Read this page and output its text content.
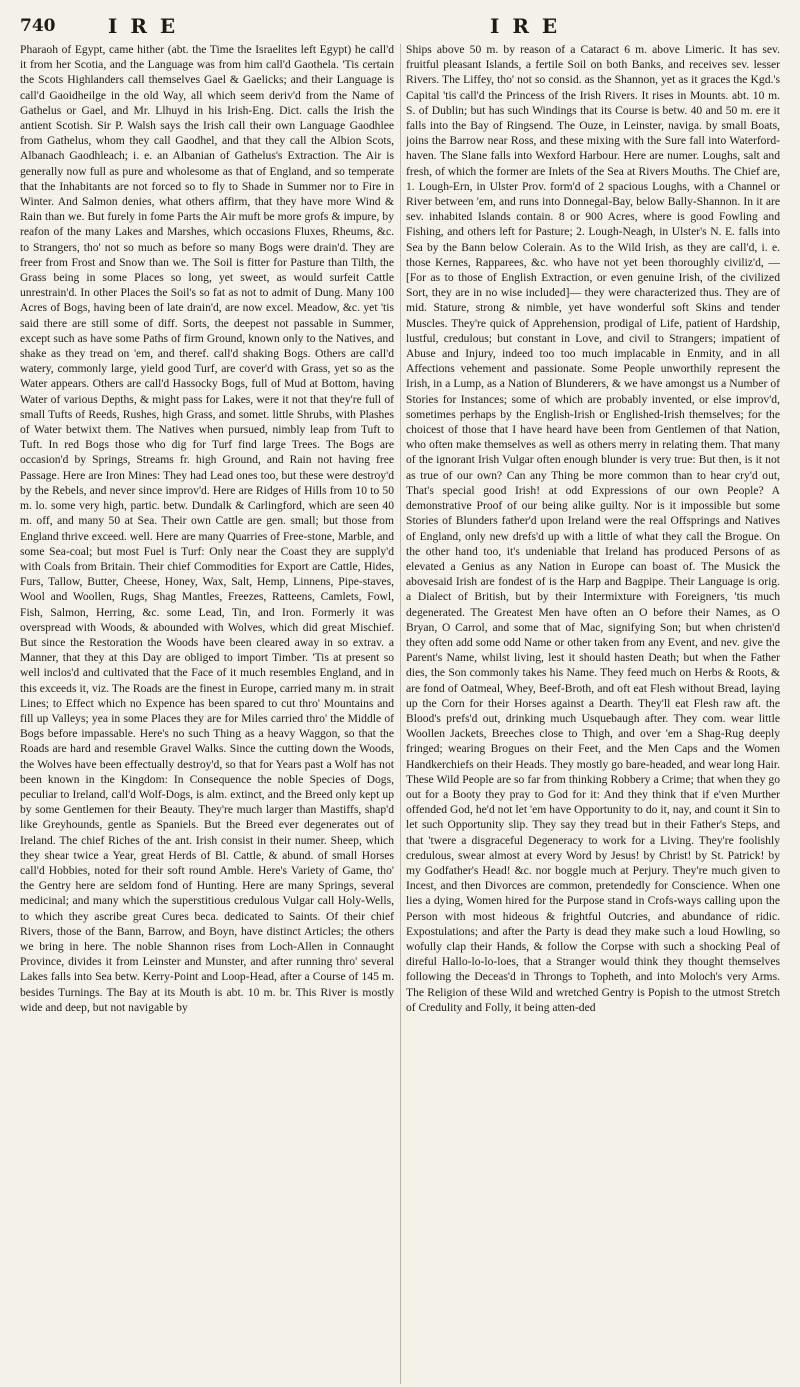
740	I R E	I R E

Pharaoh of Egypt, came hither (abt. the Time the Israelites left Egypt) he call'd it from her Scotia, and the Language was from him call'd Gaothela. 'Tis certain the Scots Highlanders call themselves Gael & Gaelicks; and their Language is call'd Gaoidheilge in the old Way, all which seem deriv'd from the Name of Gathelus or Gael, and Mr. Llhuyd in his Irish-Eng. Dict. calls the Irish the antient Scotish. Sir P. Walsh says the Irish call their own Language Gaodhlee from Gathelus, whom they call Gaodhel, and that they call the Albion Scots, Albanach Gaodhleach; i. e. an Albanian of Gathelus's Extraction. The Air is generally now full as pure and wholesome as that of England, and so temperate that the Inhabitants are not forced so to fly to Shade in Summer nor to Fire in Winter. And Salmon denies, what others affirm, that they have more Wind & Rain than we. But furely in fome Parts the Air muft be more grofs & impure, by reafon of the many Lakes and Marshes, which occasions Fluxes, Rheums, &c. to Strangers, tho' not so much as before so many Bogs were drain'd. They are freer from Frost and Snow than we. The Soil is fitter for Pasture than Tilth, the Grass being in some Places so long, yet sweet, as would surfeit Cattle unrestrain'd. In other Places the Soil's so fat as not to admit of Dung. Many 100 Acres of Bogs, having been of late drain'd, are now excel. Meadow, &c. yet 'tis said there are still some of diff. Sorts, the deepest not passable in Summer, except such as have some Paths of firm Ground, known only to the Natives, and shake as they tread on 'em, and theref. call'd shaking Bogs. Others are call'd watery, commonly large, yield good Turf, are cover'd with Grass, yet so as the Water appears. Others are call'd Hassocky Bogs, full of Mud at Bottom, having Water of various Depths, & might pass for Lakes, were it not that they're full of small Tufts of Reeds, Rushes, high Grass, and somet. little Shrubs, with Plashes of Water betwixt them. The Natives when pursued, nimbly leap from Tuft to Tuft. In red Bogs those who dig for Turf find large Trees. The Bogs are occasion'd by Springs, Streams fr. high Ground, and Rain not having free Passage. Here are Iron Mines: They had Lead ones too, but these were destroy'd by the Rebels, and never since improv'd. Here are Ridges of Hills from 10 to 50 m. lo. some very high, partic. betw. Dundalk & Carlingford, which are seen 40 m. off, and many 50 at Sea. Their own Cattle are gen. small; but those from England thrive exceed. well. Here are many Quarries of Free-stone, Marble, and some Sea-coal; but most Fuel is Turf: Only near the Coast they are supply'd with Coals from Britain. Their chief Commodities for Export are Cattle, Hides, Furs, Tallow, Butter, Cheese, Honey, Wax, Salt, Hemp, Linnens, Pipe-staves, Wool and Woollen, Rugs, Shag Mantles, Freezes, Ratteens, Camlets, Fowl, Fish, Salmon, Herring, &c. some Lead, Tin, and Iron. Formerly it was overspread with Woods, & abounded with Wolves, which did great Mischief. But since the Restoration the Woods have been cleared away in so extrav. a Manner, that they at this Day are obliged to import Timber. 'Tis at present so well inclos'd and cultivated that the Face of it much resembles England, and in this exceeds it, viz. The Roads are the finest in Europe, carried many m. in strait Lines; to Effect which no Expence has been spared to cut thro' Mountains and fill up Valleys; yea in some Places they are for Miles carried thro' the Middle of Bogs before impassable. Here's no such Thing as a heavy Waggon, so that the Roads are hard and resemble Gravel Walks. Since the cutting down the Woods, the Wolves have been effectually destroy'd, so that for Years past a Wolf has not been known in the Kingdom: In Consequence the noble Species of Dogs, peculiar to Ireland, call'd Wolf-Dogs, is alm. extinct, and the Breed only kept up by some Gentlemen for their Beauty. They're much larger than Mastiffs, shap'd like Greyhounds, gentle as Spaniels. But the Breed ever degenerates out of Ireland. The chief Riches of the ant. Irish consist in their numer. Sheep, which they shear twice a Year, great Herds of Bl. Cattle, & abund. of small Horses call'd Hobbies, noted for their soft round Amble. Here's Variety of Game, tho' the Gentry here are seldom fond of Hunting. Here are many Springs, several medicinal; and many which the superstitious credulous Vulgar call Holy-Wells, to which they ascribe great Cures beca. dedicated to Saints. Of their chief Rivers, those of the Bann, Barrow, and Boyn, have distinct Articles; the others we bring in here. The noble Shannon rises from Loch-Allen in Connaught Province, divides it from Leinster and Munster, and after running thro' several Lakes falls into Sea betw. Kerry-Point and Loop-Head, after a Course of 145 m. besides Turnings. The Bay at its Mouth is abt. 10 m. br. This River is mostly wide and deep, but not navigable by

Ships above 50 m. by reason of a Cataract 6 m. above Limeric. It has sev. fruitful pleasant Islands, a fertile Soil on both Banks, and receives sev. lesser Rivers. The Liffey, tho' not so consid. as the Shannon, yet as it graces the Kgd.'s Capital 'tis call'd the Princess of the Irish Rivers. It rises in Mounts. abt. 10 m. S. of Dublin; but has such Windings that its Course is betw. 40 and 50 m. ere it falls into the Bay of Ringsend. The Ouze, in Leinster, naviga. by small Boats, joins the Barrow near Ross, and these mixing with the Sure fall into Waterford-haven. The Slane falls into Wexford Harbour. Here are numer. Loughs, salt and fresh, of which the former are Inlets of the Sea at Rivers Mouths. The Chief are, 1. Lough-Ern, in Ulster Prov. form'd of 2 spacious Loughs, with a Channel or River between 'em, and runs into Donnegal-Bay, below Bally-Shannon. In it are sev. inhabited Islands contain. 8 or 900 Acres, where is good Fowling and Fishing, and others left for Pasture; 2. Lough-Neagh, in Ulster's N. E. falls into Sea by the Bann below Colerain. As to the Wild Irish, as they are call'd, i. e. those Kernes, Rapparees, &c. who have not yet been thoroughly civiliz'd, — [For as to those of English Extraction, or even genuine Irish, of the civilized Sort, they are in no wise included]— they were characterized thus. They are of mid. Stature, strong & nimble, yet have wonderful soft Skins and tender Muscles. They're quick of Apprehension, prodigal of Life, patient of Hardship, lustful, credulous; but constant in Love, and civil to Strangers; impatient of Abuse and Injury, indeed too too much implacable in Enmity, and in all Affections vehement and passionate. Some People unworthily represent the Irish, in a Lump, as a Nation of Blunderers, & we have amongst us a Number of Stories for Instances; some of which are probably invented, or else improv'd, sometimes perhaps by the English-Irish or Englished-Irish themselves; for the choicest of those that I have heard have been from Gentlemen of that Nation, who often make themselves as well as others merry in relating them. That many of the ignorant Irish Vulgar often enough blunder is very true: But then, is it not as true of our own? Can any Thing be more common than to hear cry'd out, That's special good Irish! at odd Expressions of our own People? A demonstrative Proof of our being alike guilty. Nor is it impossible but some Stories of Blunders father'd upon Ireland were the real Offsprings and Natives of England, only new drefs'd up with a little of what they call the Brogue. On the other hand too, it's undeniable that Ireland has produced Persons of as elevated a Genius as any Nation in Europe can boast of. The Musick the abovesaid Irish are fondest of is the Harp and Bagpipe. Their Language is orig. a Dialect of British, but by their Intermixture with Foreigners, 'tis much degenerated. The Greatest Men have often an O before their Names, as O Bryan, O Carrol, and some that of Mac, signifying Son; but when christen'd they often add some odd Name or other taken from any Event, and nev. give the Parent's Name, whilst living, lest it should hasten Death; but when the Father dies, the Son commonly takes his Name. They feed much on Herbs & Roots, & are fond of Oatmeal, Whey, Beef-Broth, and oft eat Flesh without Bread, laying up the Corn for their Horses against a Dearth. They'll eat Flesh raw aft. the Blood's prefs'd out, drinking much Usquebaugh after. They com. wear little Woollen Jackets, Breeches close to Thigh, and over 'em a Shag-Rug deeply fringed; wearing Brogues on their Feet, and the Men Caps and the Women Handkerchiefs on their Heads. They mostly go bare-headed, and wear long Hair. These Wild People are so far from thinking Robbery a Crime; that when they go out for a Booty they pray to God for it: And they think that if e'ven Murther offended God, he'd not let 'em have Opportunity to do it, nay, and count it Sin to let such Opportunity slip. They say they tread but in their Father's Steps, and that 'twere a disgraceful Degeneracy to work for a Living. They're foolishly credulous, swear almost at every Word by Jesus! by Christ! by St. Patrick! by my Godfather's Head! &c. nor boggle much at Perjury. They're much given to Incest, and then Divorces are common, pretendedly for Conscience. When one lies a dying, Women hired for the Purpose stand in Crofs-ways calling upon the Person with most hideous & frightful Outcries, and abundance of ridic. Expostulations; and after the Party is dead they make such a loud Howling, so wofully clap their Hands, & follow the Corpse with such a shocking Peal of direful Hallo-lo-lo-loes, that a Stranger would think they thought themselves following the Deceas'd in Throngs to Topheth, and into Moloch's very Arms. The Religion of these Wild and wretched Gentry is Popish to the utmost Stretch of Credulity and Folly, it being atten-ded
